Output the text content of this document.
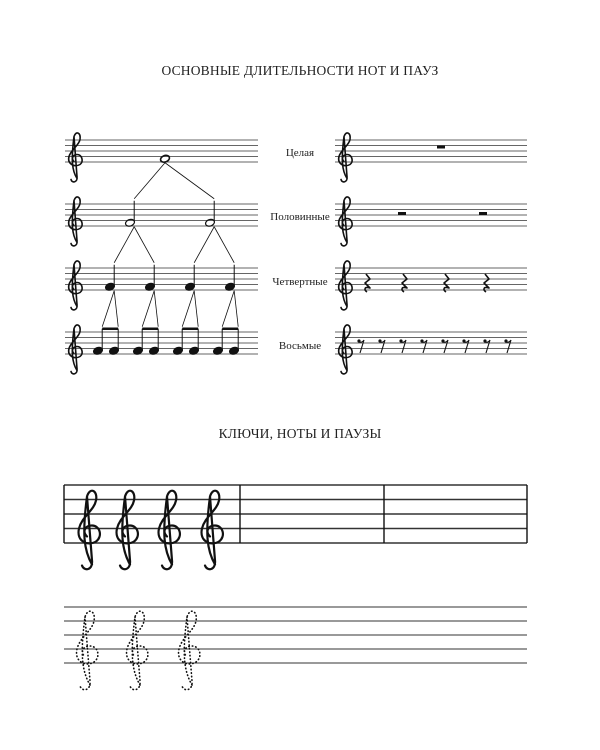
ОСНОВНЫЕ ДЛИТЕЛЬНОСТИ НОТ И ПАУЗ
Целая
Половинные
Четвертные
Восьмые
КЛЮЧИ, НОТЫ И ПАУЗЫ
